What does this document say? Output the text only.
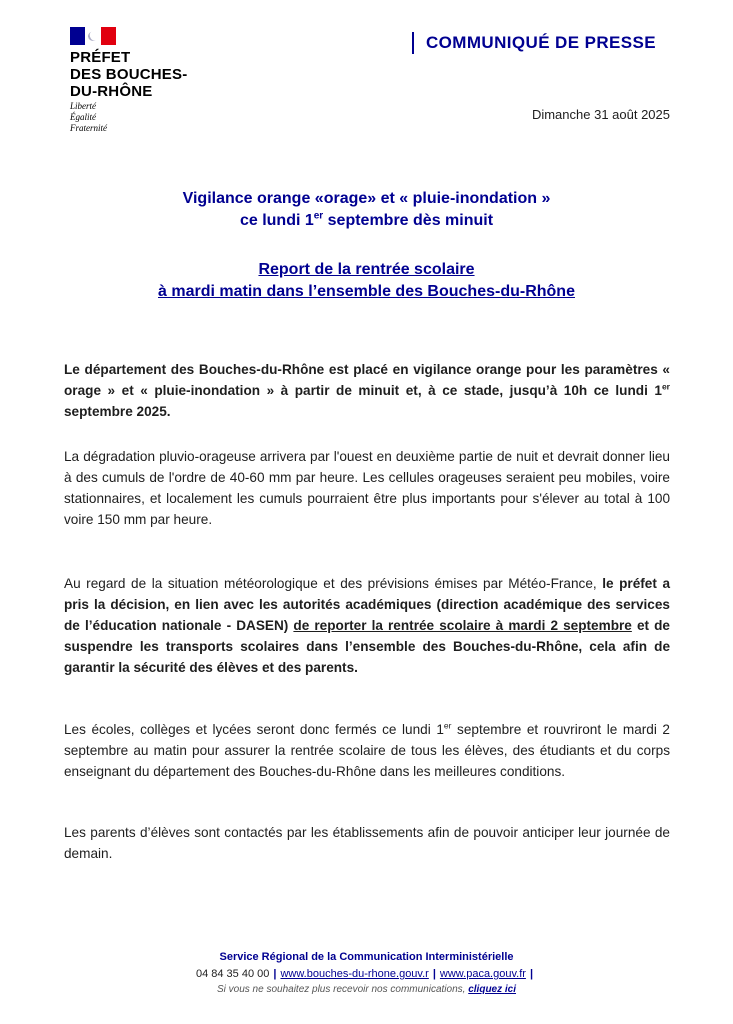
PRÉFET
DES BOUCHES-
DU-RHÔNE
Liberté
Égalité
Fraternité
COMMUNIQUÉ DE PRESSE
Dimanche 31 août 2025
Vigilance orange «orage» et « pluie-inondation »
ce lundi 1er septembre dès minuit
Report de la rentrée scolaire
à mardi matin dans l’ensemble des Bouches-du-Rhône
Le département des Bouches-du-Rhône est placé en vigilance orange pour les paramètres « orage » et « pluie-inondation » à partir de minuit et, à ce stade, jusqu’à 10h ce lundi 1er septembre 2025.
La dégradation pluvio-orageuse arrivera par l'ouest en deuxième partie de nuit et devrait donner lieu à des cumuls de l'ordre de 40-60 mm par heure. Les cellules orageuses seraient peu mobiles, voire stationnaires, et localement les cumuls pourraient être plus importants pour s'élever au total à 100 voire 150 mm par heure.
Au regard de la situation météorologique et des prévisions émises par Météo-France, le préfet a pris la décision, en lien avec les autorités académiques (direction académique des services de l’éducation nationale - DASEN) de reporter la rentrée scolaire à mardi 2 septembre et de suspendre les transports scolaires dans l’ensemble des Bouches-du-Rhône, cela afin de garantir la sécurité des élèves et des parents.
Les écoles, collèges et lycées seront donc fermés ce lundi 1er septembre et rouvriront le mardi 2 septembre au matin pour assurer la rentrée scolaire de tous les élèves, des étudiants et du corps enseignant du département des Bouches-du-Rhône dans les meilleures conditions.
Les parents d’élèves sont contactés par les établissements afin de pouvoir anticiper leur journée de demain.
Service Régional de la Communication Interministérielle
04 84 35 40 00 | www.bouches-du-rhone.gouv.r | www.paca.gouv.fr |
Si vous ne souhaitez plus recevoir nos communications, cliquez ici
